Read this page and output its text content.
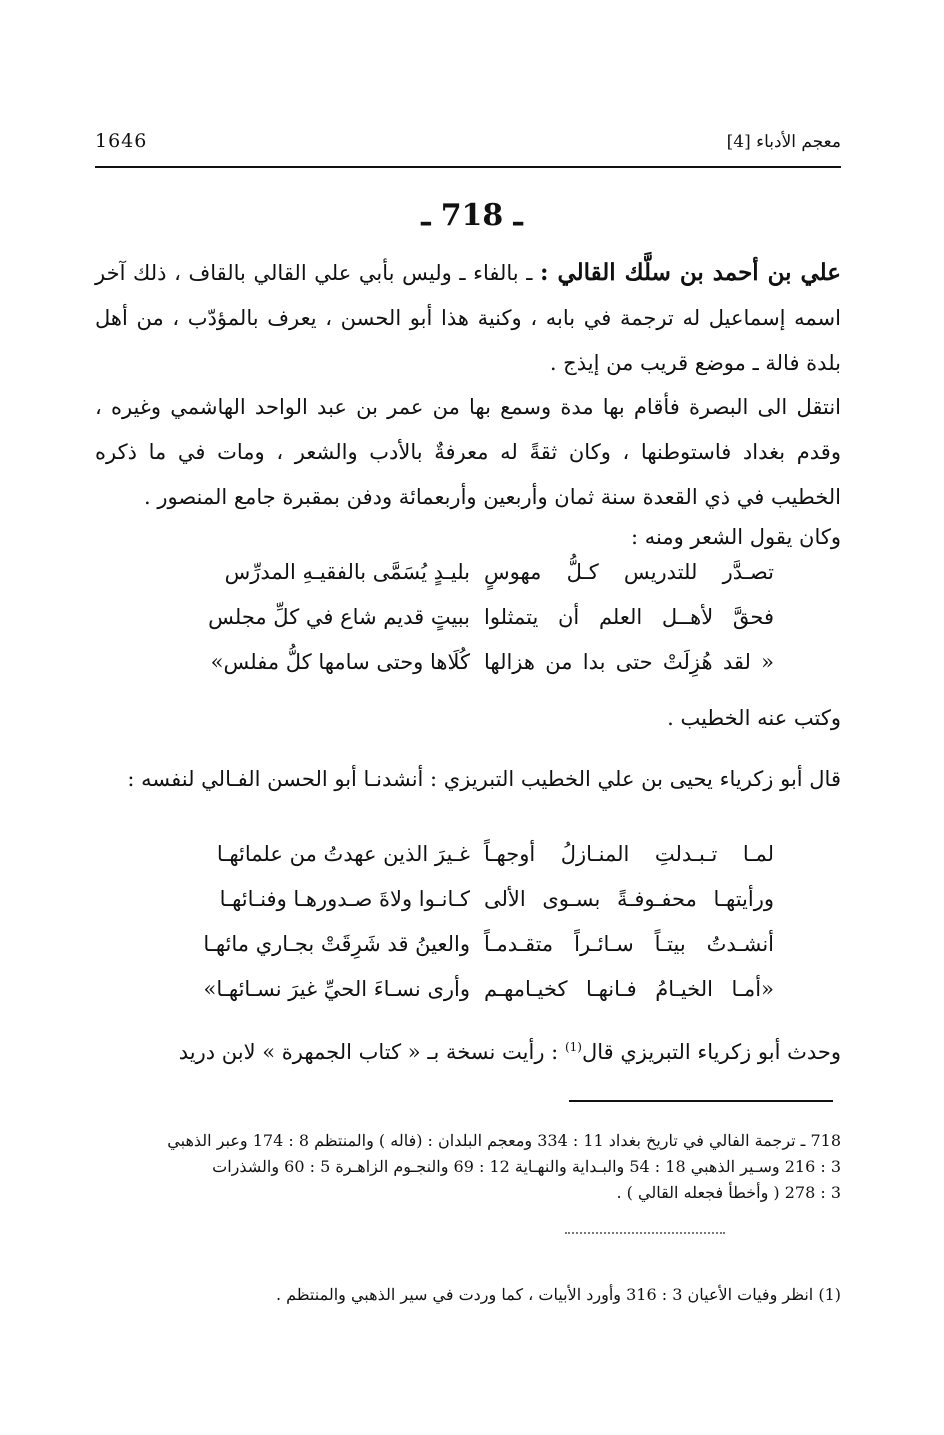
1646	معجم الأدباء [4]
ـ 718 ـ

علي بن أحمد بن سلَّك القالي : ـ بالفاء ـ وليس بأبي علي القالي بالقاف ، ذلك آخر اسمه إسماعيل له ترجمة في بابه ، وكنية هذا أبو الحسن ، يعرف بالمؤدّب ، من أهل بلدة فالة ـ موضع قريب من إيذج .

انتقل الى البصرة فأقام بها مدة وسمع بها من عمر بن عبد الواحد الهاشمي وغيره ، وقدم بغداد فاستوطنها ، وكان ثقةً له معرفةٌ بالأدب والشعر ، ومات في ما ذكره الخطيب في ذي القعدة سنة ثمان وأربعين وأربعمائة ودفن بمقبرة جامع المنصور .

وكان يقول الشعر ومنه :

تصـدَّر للتدريس كـلُّ مهوسٍ
بليـدٍ يُسَمَّى بالفقيـهِ المدرِّس
فحقَّ لأهــل العلم أن يتمثلوا
ببيتٍ قديم شاع في كلِّ مجلس
« لقد هُزِلَتْ حتى بدا من هزالها
كُلَاها وحتى سامها كلُّ مفلس»

وكتب عنه الخطيب .

قال أبو زكرياء يحيى بن علي الخطيب التبريزي : أنشدنـا أبو الحسن الفـالي لنفسه :

لمـا تـبـدلتِ المنـازلُ أوجهـاً
غـيرَ الذين عهدتُ من علمائهـا
ورأيتهـا محفـوفـةً بسـوى الألى
كـانـوا ولاةَ صـدورهـا وفنـائهـا
أنشـدتُ بيتـاً سـائـراً متقـدمـاً
والعينُ قد شَرِقَتْ بجـاري مائهـا
«أمـا الخيـامُ فـانهـا كخيـامهـم
وأرى نسـاءَ الحيِّ غيرَ نسـائهـا»

وحدث أبو زكرياء التبريزي قال$^{(1)}$ : رأيت نسخة بـ « كتاب الجمهرة » لابن دريد

718 ـ ترجمة الفالي في تاريخ بغداد 11 : 334 ومعجم البلدان : (فاله ) والمنتظم 8 : 174 وعبر الذهبي

3 : 216 وسـير الذهبي 18 : 54 والبـداية والنهـاية 12 : 69 والنجـوم الزاهـرة 5 : 60 والشذرات

3 : 278 ( وأخطأ فجعله القالي ) .

(1) انظر وفيات الأعيان 3 : 316 وأورد الأبيات ، كما وردت في سير الذهبي والمنتظم .
